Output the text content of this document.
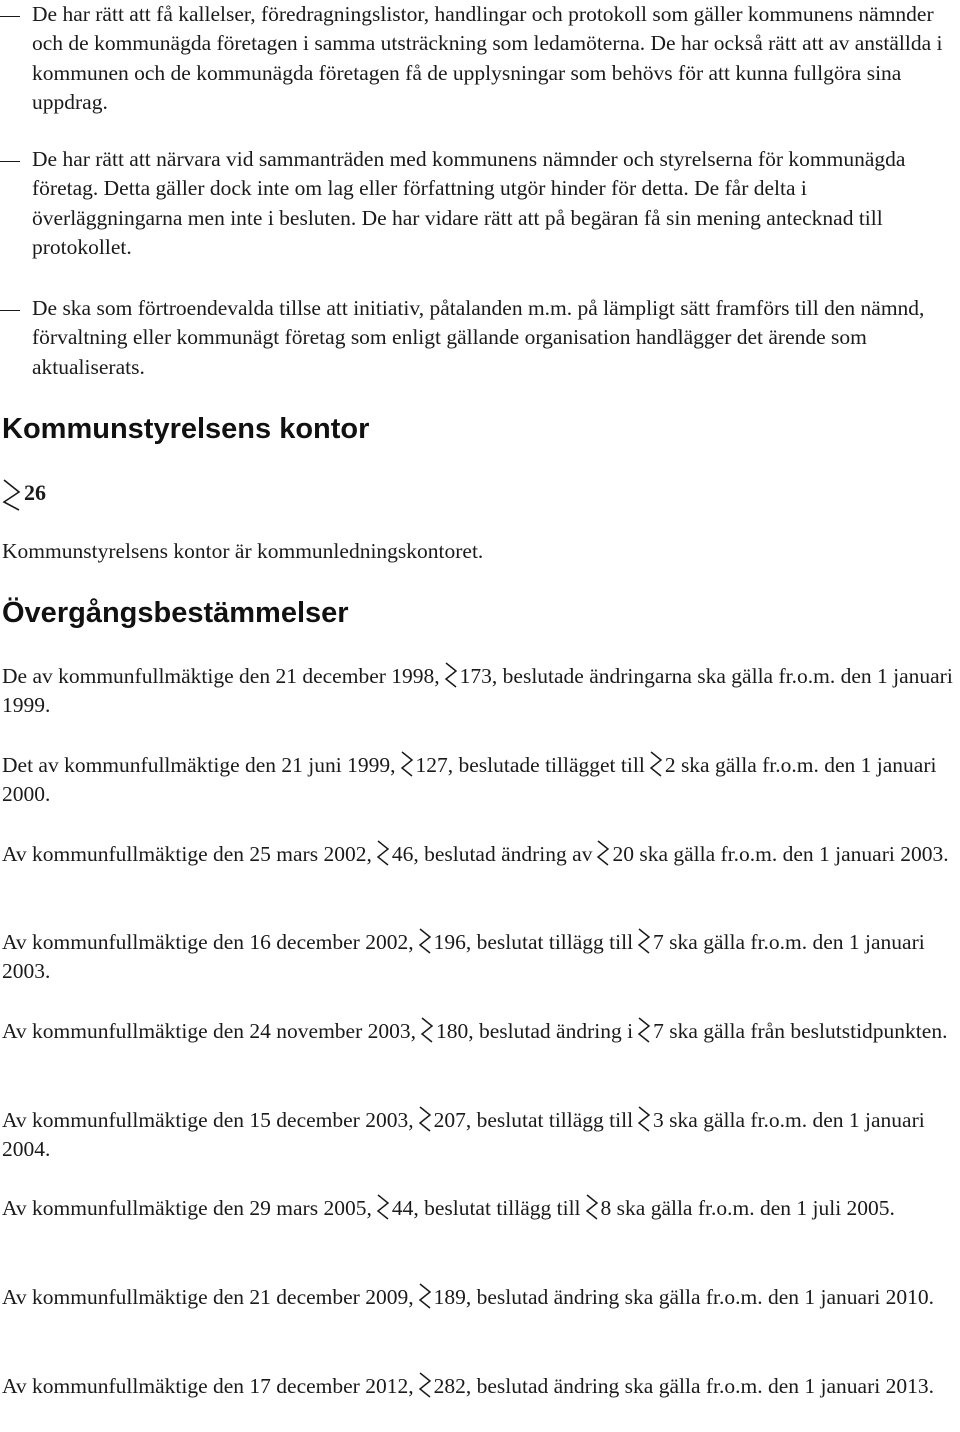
De har rätt att få kallelser, föredragningslistor, handlingar och protokoll som gäller kommunens nämnder och de kommunägda företagen i samma utsträckning som ledamöterna. De har också rätt att av anställda i kommunen och de kommunägda företagen få de upplysningar som behövs för att kunna fullgöra sina uppdrag.
De har rätt att närvara vid sammanträden med kommunens nämnder och styrelserna för kommunägda företag. Detta gäller dock inte om lag eller författning utgör hinder för detta. De får delta i överläggningarna men inte i besluten. De har vidare rätt att på begäran få sin mening antecknad till protokollet.
De ska som förtroendevalda tillse att initiativ, påtalanden m.m. på lämpligt sätt framförs till den nämnd, förvaltning eller kommunägt företag som enligt gällande organisation handlägger det ärende som aktualiserats.
Kommunstyrelsens kontor
26
Kommunstyrelsens kontor är kommunledningskontoret.
Övergångsbestämmelser
De av kommunfullmäktige den 21 december 1998, 173, beslutade ändringarna ska gälla fr.o.m. den 1 januari 1999.
Det av kommunfullmäktige den 21 juni 1999, 127, beslutade tillägget till 2 ska gälla fr.o.m. den 1 januari 2000.
Av kommunfullmäktige den 25 mars 2002, 46, beslutad ändring av 20 ska gälla fr.o.m. den 1 januari 2003.
Av kommunfullmäktige den 16 december 2002, 196, beslutat tillägg till 7 ska gälla fr.o.m. den 1 januari 2003.
Av kommunfullmäktige den 24 november 2003, 180, beslutad ändring i 7 ska gälla från beslutstidpunkten.
Av kommunfullmäktige den 15 december 2003, 207, beslutat tillägg till 3 ska gälla fr.o.m. den 1 januari 2004.
Av kommunfullmäktige den 29 mars 2005, 44, beslutat tillägg till 8 ska gälla fr.o.m. den 1 juli 2005.
Av kommunfullmäktige den 21 december 2009, 189, beslutad ändring ska gälla fr.o.m. den 1 januari 2010.
Av kommunfullmäktige den 17 december 2012, 282, beslutad ändring ska gälla fr.o.m. den 1 januari 2013.
